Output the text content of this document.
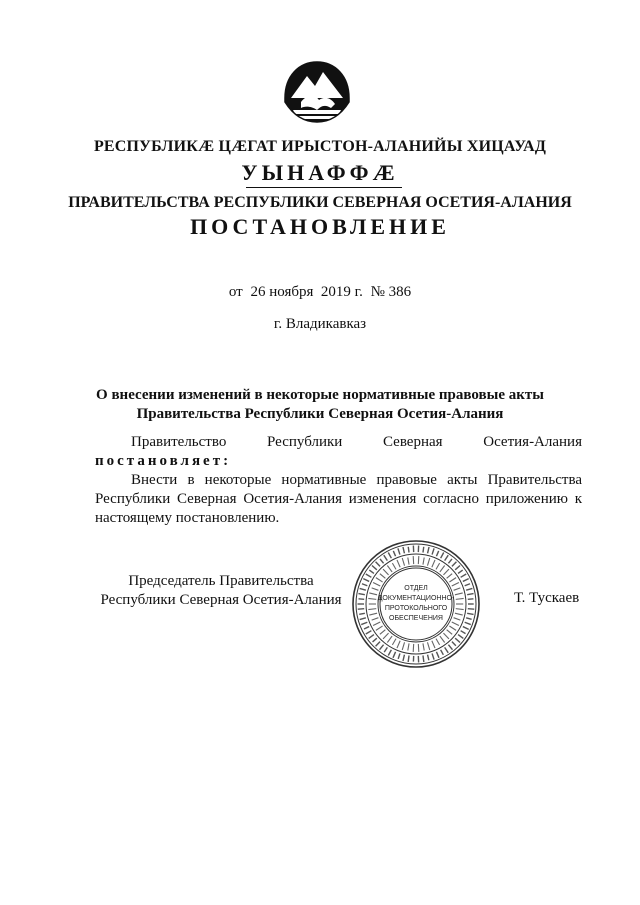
РЕСПУБЛИКӔ ЦӔГАТ ИРЫСТОН-АЛАНИЙЫ ХИЦАУАД
УЫНАФФӔ
ПРАВИТЕЛЬСТВА РЕСПУБЛИКИ СЕВЕРНАЯ ОСЕТИЯ-АЛАНИЯ
ПОСТАНОВЛЕНИЕ
от 26 ноября  2019 г. № 386
г. Владикавказ
О внесении изменений в некоторые нормативные правовые акты
Правительства Республики Северная Осетия-Алания
Правительство	Республики	Северная	Осетия-Алания
постановляет:
Внести в некоторые нормативные правовые акты Правительства Республики Северная Осетия-Алания изменения согласно приложению к настоящему постановлению.
Председатель Правительства
Республики Северная Осетия-Алания	Т. Тускаев
ОТДЕЛ
ДОКУМЕНТАЦИОННО-
ПРОТОКОЛЬНОГО
ОБЕСПЕЧЕНИЯ
